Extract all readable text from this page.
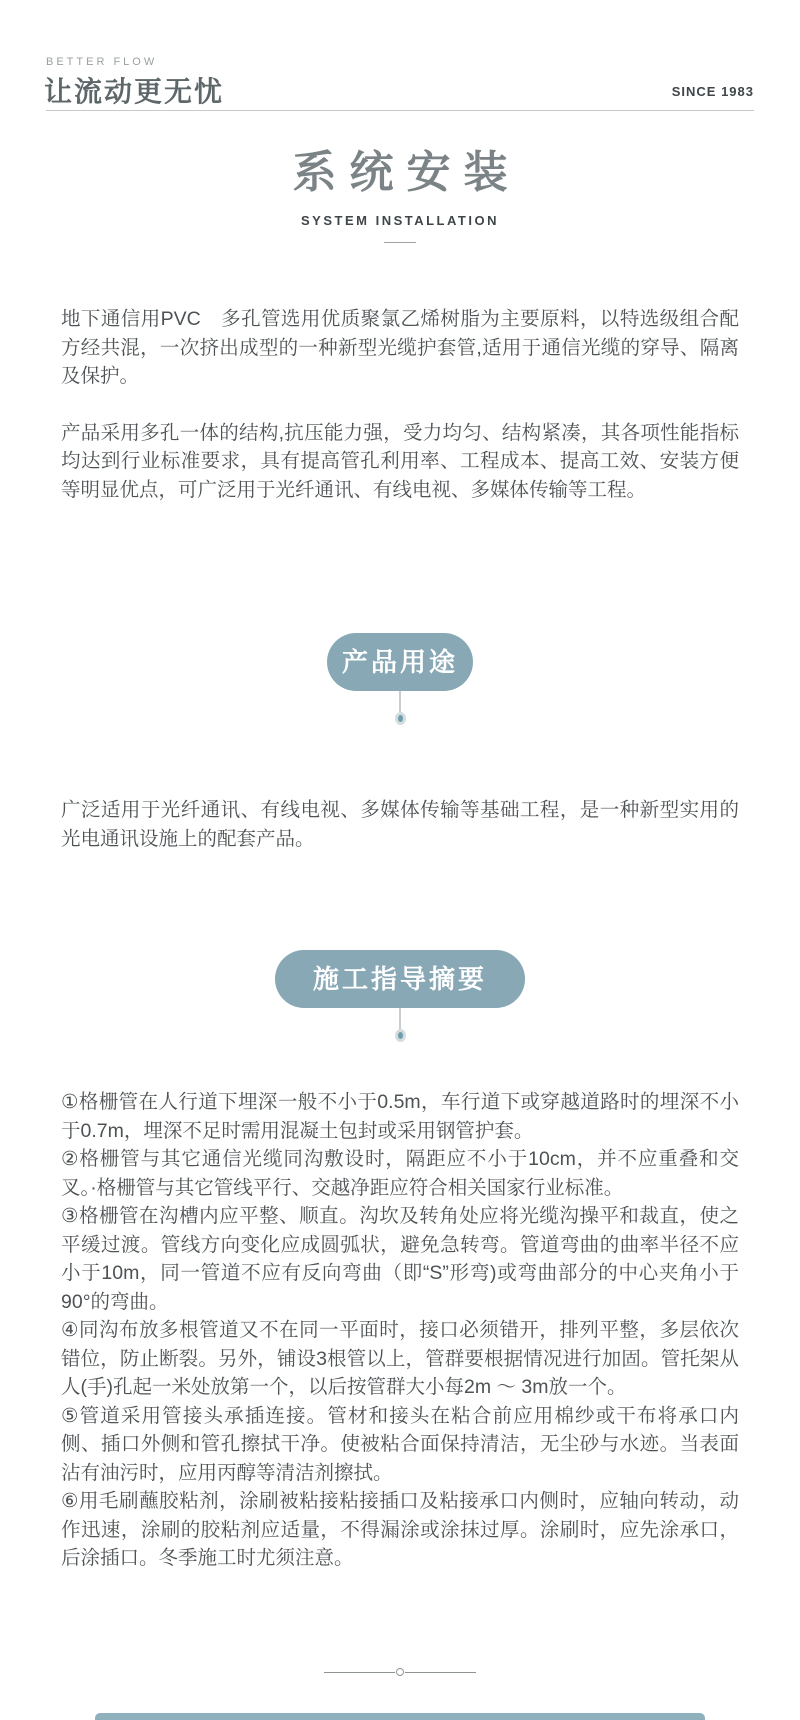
BETTER FLOW
让流动更无忧	SINCE 1983
系统安装
SYSTEM INSTALLATION

地下通信用PVC　多孔管选用优质聚氯乙烯树脂为主要原料，以特选级组合配方经共混，一次挤出成型的一种新型光缆护套管,适用于通信光缆的穿导、隔离及保护。

产品采用多孔一体的结构,抗压能力强，受力均匀、结构紧凑，其各项性能指标均达到行业标准要求，具有提高管孔利用率、工程成本、提高工效、安装方便等明显优点，可广泛用于光纤通讯、有线电视、多媒体传输等工程。

产品用途

广泛适用于光纤通讯、有线电视、多媒体传输等基础工程，是一种新型实用的光电通讯设施上的配套产品。

施工指导摘要

①格栅管在人行道下埋深一般不小于0.5m，车行道下或穿越道路时的埋深不小于0.7m，埋深不足时需用混凝土包封或采用钢管护套。

②格栅管与其它通信光缆同沟敷设时，隔距应不小于10cm，并不应重叠和交叉。·格栅管与其它管线平行、交越净距应符合相关国家行业标准。

③格栅管在沟槽内应平整、顺直。沟坎及转角处应将光缆沟操平和裁直，使之平缓过渡。管线方向变化应成圆弧状，避免急转弯。管道弯曲的曲率半径不应小于10m，同一管道不应有反向弯曲（即“S”形弯)或弯曲部分的中心夹角小于90°的弯曲。

④同沟布放多根管道又不在同一平面时，接口必须错开，排列平整，多层依次错位，防止断裂。另外，铺设3根管以上，管群要根据情况进行加固。管托架从人(手)孔起一米处放第一个，以后按管群大小每2m ～ 3m放一个。

⑤管道采用管接头承插连接。管材和接头在粘合前应用棉纱或干布将承口内侧、插口外侧和管孔擦拭干净。使被粘合面保持清洁，无尘砂与水迹。当表面沾有油污时，应用丙醇等清洁剂擦拭。

⑥用毛刷蘸胶粘剂，涂刷被粘接粘接插口及粘接承口内侧时，应轴向转动，动作迅速，涂刷的胶粘剂应适量，不得漏涂或涂抹过厚。涂刷时，应先涂承口，后涂插口。冬季施工时尤须注意。
